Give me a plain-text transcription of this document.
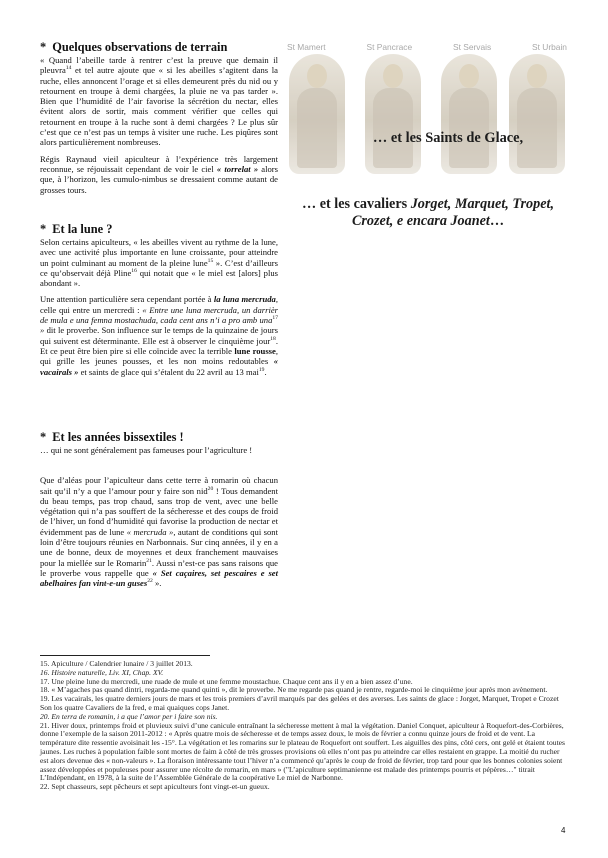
* Quelques observations de terrain

« Quand l’abeille tarde à rentrer c’est la preuve que demain il pleuvra$^{14}$ et tel autre ajoute que « si les abeilles s’agitent dans la ruche, elles annoncent l’orage et si elles demeurent près du nid ou y retournent en troupe à demi chargées, la pluie ne va pas tarder ». Bien que l’humidité de l’air favorise la sécrétion du nectar, elles évitent alors de sortir, mais comment vérifier que celles qui retournent en troupe à la ruche sont à demi chargées ? Le plus sûr c’est que ce n’est pas un temps à visiter une ruche. Les piqûres sont alors particulièrement nombreuses.

Régis Raynaud vieil apiculteur à l’expérience très largement reconnue, se réjouissait cependant de voir le ciel « torrelat » alors que, à l’horizon, les cumulo-nimbus se dressaient comme autant de grosses tours.

* Et la lune ?

Selon certains apiculteurs, « les abeilles vivent au rythme de la lune, avec une activité plus importante en lune croissante, pour atteindre un point culminant au moment de la pleine lune$^{15}$ ». C’est d’ailleurs ce qu’observait déjà Pline$^{16}$ qui notait que « le miel est [alors] plus abondant ».

Une attention particulière sera cependant portée à la luna mercruda, celle qui entre un mercredi : « Entre une luna mercruda, un darrièr de mula e una femna mostachuda, cada cent ans n’i a pro amb una$^{17}$ » dit le proverbe. Son influence sur le temps de la quinzaine de jours qui suivent est déterminante. Elle est à observer le cinquième jour$^{18}$. Et ce peut être bien pire si elle coïncide avec la terrible lune rousse, qui grille les jeunes pousses, et les non moins redoutables « vacairals » et saints de glace qui s’étalent du 22 avril au 13 mai$^{19}$.

* Et les années bissextiles !

… qui ne sont généralement pas fameuses pour l’agriculture !

Que d’aléas pour l’apiculteur dans cette terre à romarin où chacun sait qu’il n’y a que l’amour pour y faire son nid$^{20}$ ! Tous demandent du beau temps, pas trop chaud, sans trop de vent, avec une belle végétation qui n’a pas souffert de la sécheresse et des coups de froid de l’hiver, un fond d’humidité qui favorise la production de nectar et évidemment pas de lune « mercruda », autant de conditions qui sont loin d’être toujours réunies en Narbonnais. Sur cinq années, il y en a une de bonne, deux de moyennes et deux franchement mauvaises pour la miellée sur le Romarin$^{21}$. Aussi n’est-ce pas sans raisons que le proverbe vous rappelle que « Set caçaires, set pescaires e set abelhaires fan vint-e-un guses$^{22}$ ».

St Mamert	St Pancrace	St Servais	St Urbain
… et les Saints de Glace,
… et les cavaliers Jorget, Marquet, Tropet, Crozet, e encara Joanet…

15. Apiculture / Calendrier lunaire / 3 juillet 2013.

16. Histoire naturelle, Liv. XI, Chap. XV.

17. Une pleine lune du mercredi, une ruade de mule et une femme moustachue. Chaque cent ans il y en a bien assez d’une.

18. « M’agaches pas quand dintri, regarda-me quand quinti », dit le proverbe. Ne me regarde pas quand je rentre, regarde-moi le cinquième jour après mon avènement.

19. Les vacairals, les quatre derniers jours de mars et les trois premiers d’avril marqués par des gelées et des averses. Les saints de glace : Jorget, Marquet, Tropet e Crozet Son los quatre Cavaliers de la fred, e mai quaiques cops Janet.

20. En terra de romanin, i a que l’amor per i faire son nis.

21. Hiver doux, printemps froid et pluvieux suivi d’une canicule entraînant la sécheresse mettent à mal la végétation. Daniel Conquet, apiculteur à Roquefort-des-Corbières, donne l’exemple de la saison 2011-2012 : « Après quatre mois de sécheresse et de temps assez doux, le mois de février a connu quinze jours de froid et de vent. La température dite ressentie avoisinait les -15°. La végétation et les romarins sur le plateau de Roquefort ont souffert. Les aiguilles des pins, côté cers, ont gelé et étaient toutes jaunes. Les ruches à population faible sont mortes de faim à côté de très grosses provisions où elles n’ont pas pu atteindre car elles restaient en grappe. La moitié du rucher est alors devenue des « non-valeurs ». La floraison intéressante tout l’hiver n’a commencé qu’après le coup de froid de février, trop tard pour que les bonnes colonies soient assez développées et populeuses pour assurer une récolte de romarin, en mars » ("L’apiculture septimanienne est malade des printemps pourris et pépères…" titrait L’Indépendant, en 1978, à la suite de l’Assemblée Générale de la coopérative Le miel de Narbonne.

22. Sept chasseurs, sept pêcheurs et sept apiculteurs font vingt-et-un gueux.

4
